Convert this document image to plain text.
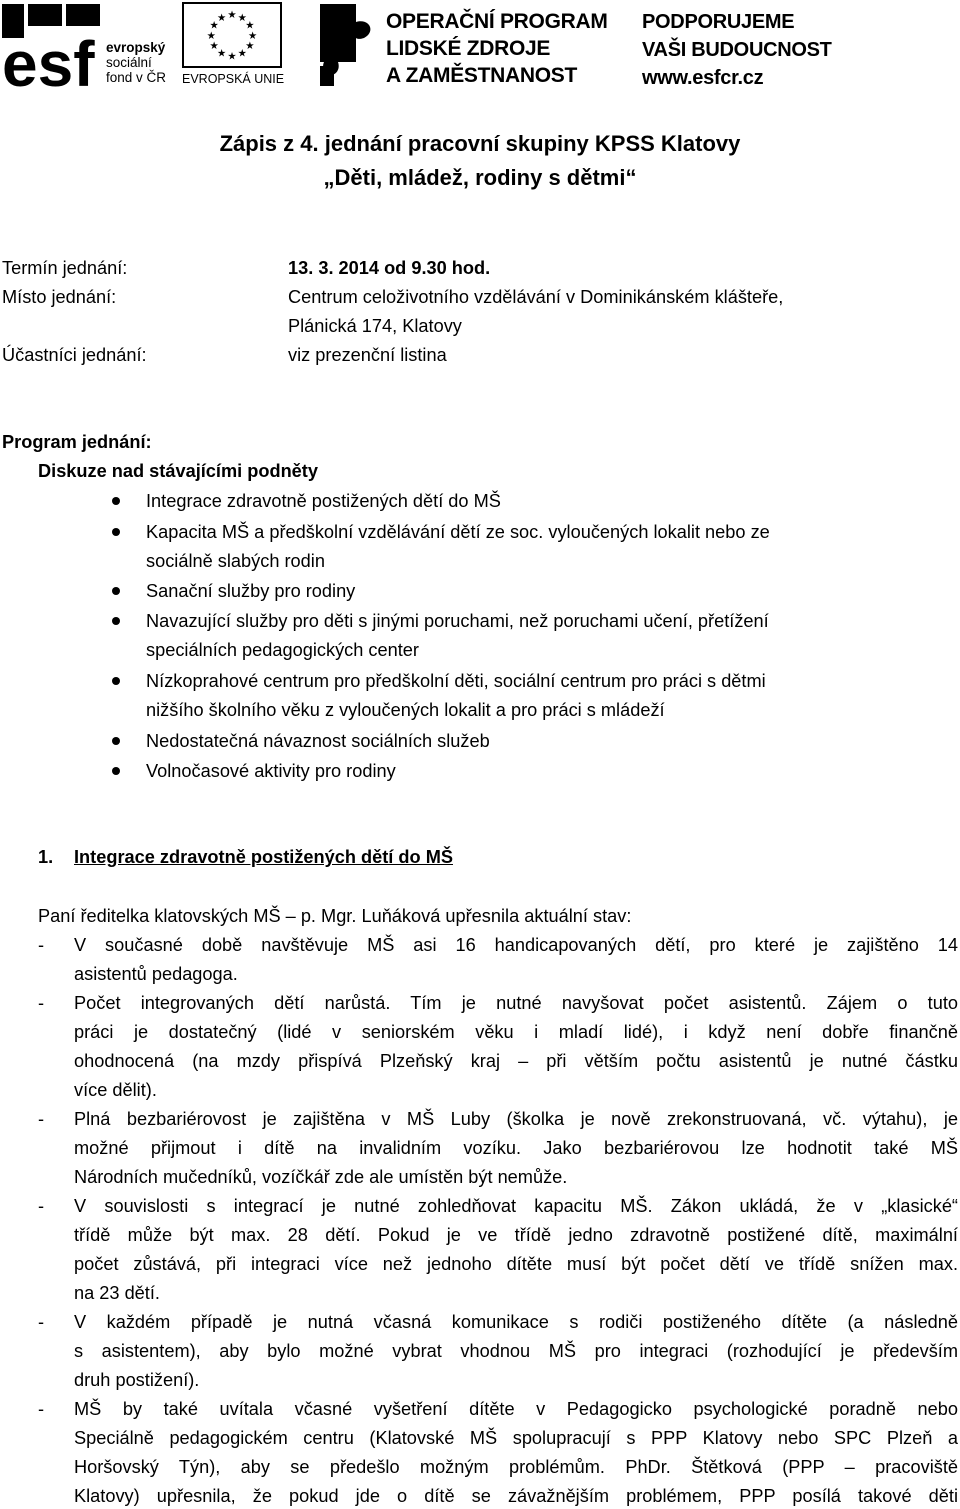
esf evropský
sociální
fond v ČR
★ ★
★
★
★
★
★
★
★
★
★
★
EVROPSKÁ UNIE
OPERAČNÍ PROGRAM
LIDSKÉ ZDROJE
A ZAMĚSTNANOST
PODPORUJEME
VAŠI BUDOUCNOST
www.esfcr.cz
Zápis z 4. jednání pracovní skupiny KPSS Klatovy
„Děti, mládež, rodiny s dětmi“
Termín jednání:	13. 3. 2014 od 9.30 hod.
Místo jednání:	Centrum celoživotního vzdělávání v Dominikánském klášteře,
Plánická 174, Klatovy
Účastníci jednání:	viz prezenční listina
Program jednání:
Diskuze nad stávajícími podněty
Integrace zdravotně postižených dětí do MŠ
Kapacita MŠ a předškolní vzdělávání dětí ze soc. vyloučených lokalit nebo ze
sociálně slabých rodin
Sanační služby pro rodiny
Navazující služby pro děti s jinými poruchami, než poruchami učení, přetížení
speciálních pedagogických center
Nízkoprahové centrum pro předškolní děti, sociální centrum pro práci s dětmi
nižšího školního věku z vyloučených lokalit a pro práci s mládeží
Nedostatečná návaznost sociálních služeb
Volnočasové aktivity pro rodiny
1. Integrace zdravotně postižených dětí do MŠ
Paní ředitelka klatovských MŠ – p. Mgr. Luňáková upřesnila aktuální stav:
- V současné době navštěvuje MŠ asi 16 handicapovaných dětí, pro které je zajištěno 14
asistentů pedagoga.
- Počet integrovaných dětí narůstá. Tím je nutné navyšovat počet asistentů. Zájem o tuto
práci je dostatečný (lidé v seniorském věku i mladí lidé), i když není dobře finančně
ohodnocená (na mzdy přispívá Plzeňský kraj – při větším počtu asistentů je nutné částku
více dělit).
- Plná bezbariérovost je zajištěna v MŠ Luby (školka je nově zrekonstruovaná, vč. výtahu), je
možné přijmout i dítě na invalidním vozíku. Jako bezbariérovou lze hodnotit také MŠ
Národních mučedníků, vozíčkář zde ale umístěn být nemůže.
- V souvislosti s integrací je nutné zohledňovat kapacitu MŠ. Zákon ukládá, že v „klasické“
třídě může být max. 28 dětí. Pokud je ve třídě jedno zdravotně postižené dítě, maximální
počet zůstává, při integraci více než jednoho dítěte musí být počet dětí ve třídě snížen max.
na 23 dětí.
- V každém případě je nutná včasná komunikace s rodiči postiženého dítěte (a následně
s asistentem), aby bylo možné vybrat vhodnou MŠ pro integraci (rozhodující je především
druh postižení).
- MŠ by také uvítala včasné vyšetření dítěte v Pedagogicko psychologické poradně nebo
Speciálně pedagogickém centru (Klatovské MŠ spolupracují s PPP Klatovy nebo SPC Plzeň a
Horšovský Týn), aby se předešlo možným problémům. PhDr. Štětková (PPP – pracoviště
Klatovy) upřesnila, že pokud jde o dítě se závažnějším problémem, PPP posílá takové děti
